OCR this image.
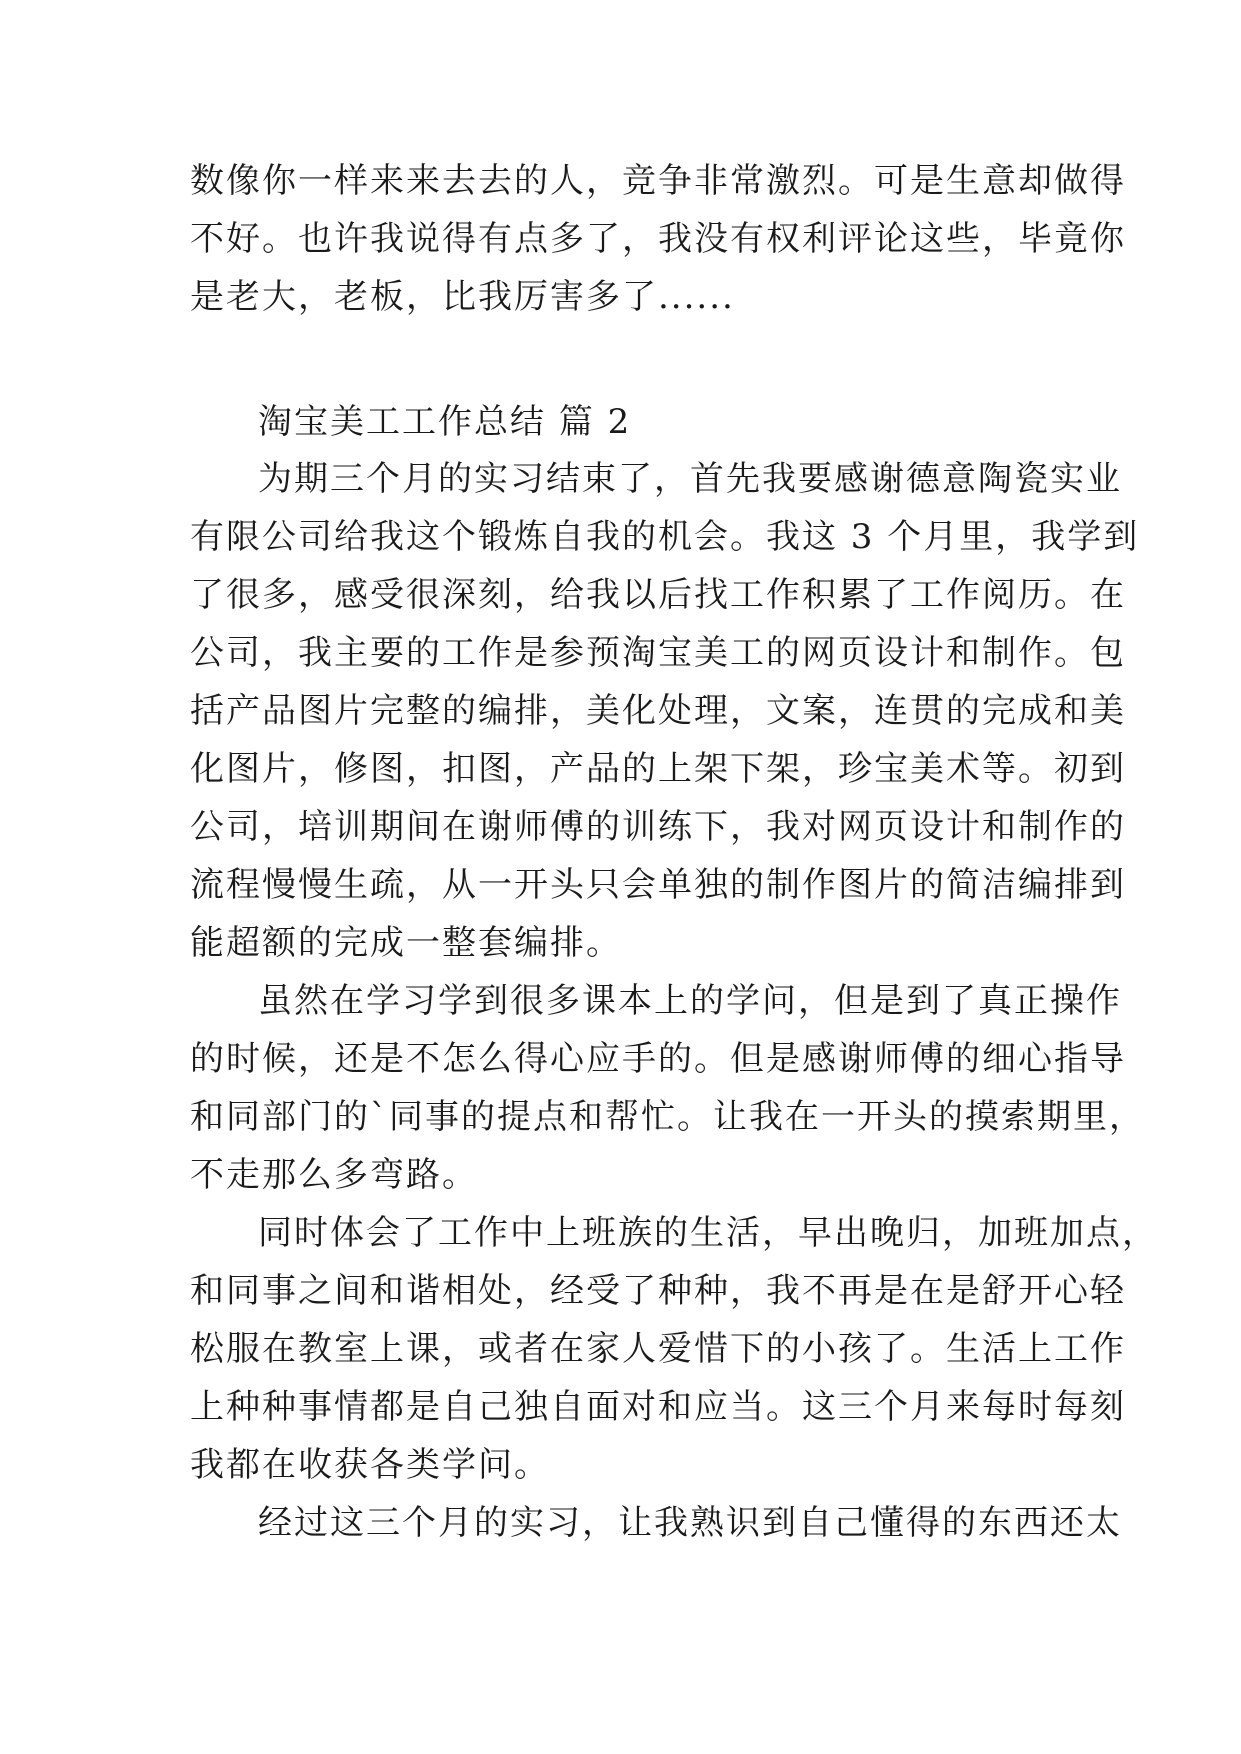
数像你一样来来去去的人，竞争非常激烈。可是生意却做得
不好。也许我说得有点多了，我没有权利评论这些，毕竟你
是老大，老板，比我厉害多了......
淘宝美工工作总结 篇 2
为期三个月的实习结束了，首先我要感谢德意陶瓷实业
有限公司给我这个锻炼自我的机会。我这 3 个月里，我学到
了很多，感受很深刻，给我以后找工作积累了工作阅历。在
公司，我主要的工作是参预淘宝美工的网页设计和制作。包
括产品图片完整的编排，美化处理，文案，连贯的完成和美
化图片，修图，扣图，产品的上架下架，珍宝美术等。初到
公司，培训期间在谢师傅的训练下，我对网页设计和制作的
流程慢慢生疏，从一开头只会单独的制作图片的简洁编排到
能超额的完成一整套编排。
虽然在学习学到很多课本上的学问，但是到了真正操作
的时候，还是不怎么得心应手的。但是感谢师傅的细心指导
和同部门的`同事的提点和帮忙。让我在一开头的摸索期里，
不走那么多弯路。
同时体会了工作中上班族的生活，早出晚归，加班加点，
和同事之间和谐相处，经受了种种，我不再是在是舒开心轻
松服在教室上课，或者在家人爱惜下的小孩了。生活上工作
上种种事情都是自己独自面对和应当。这三个月来每时每刻
我都在收获各类学问。
经过这三个月的实习，让我熟识到自己懂得的东西还太
